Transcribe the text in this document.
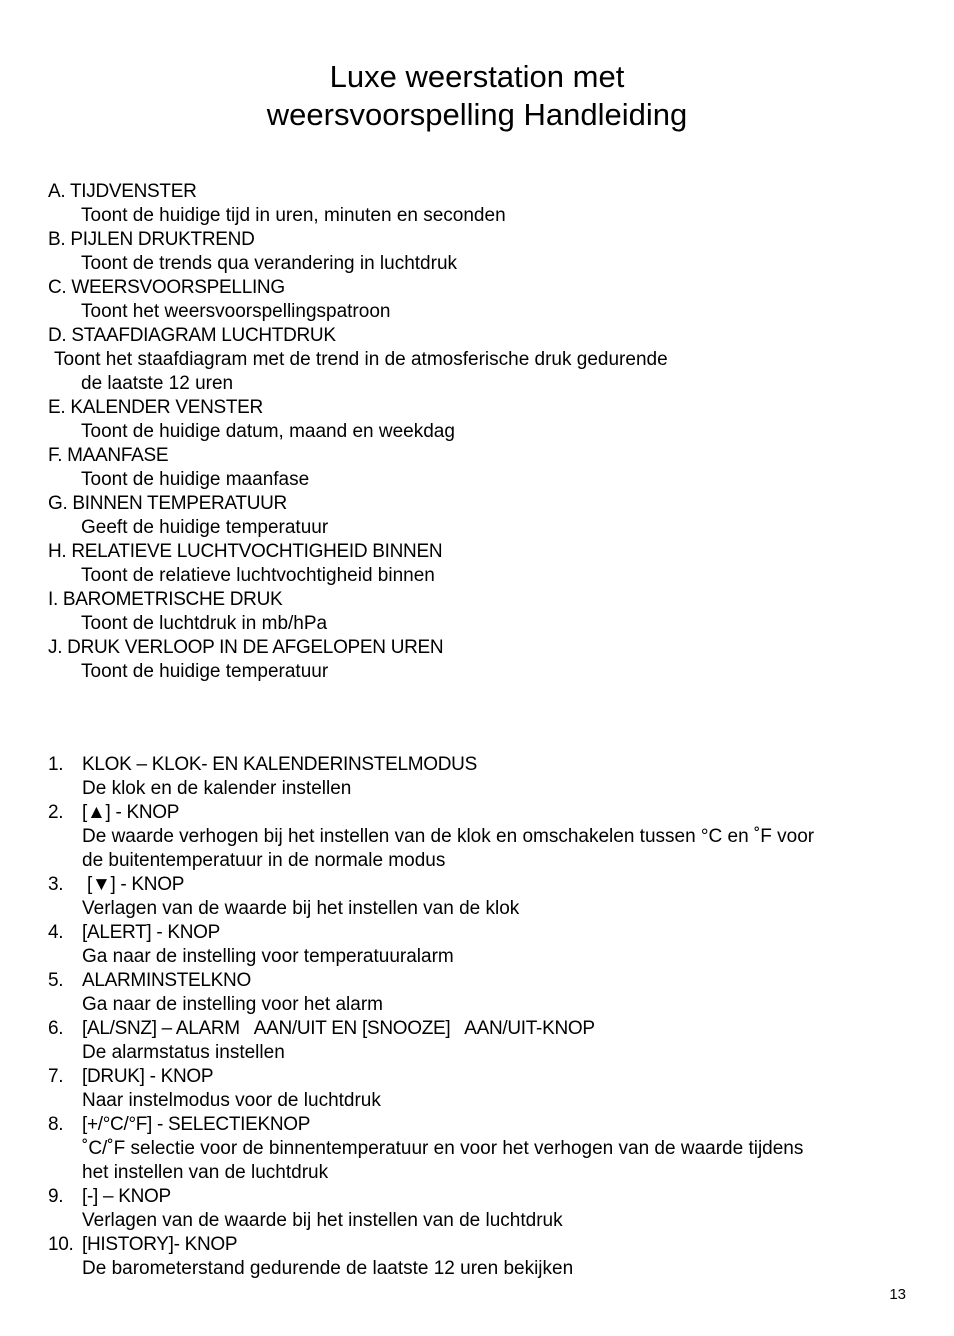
Luxe weerstation met
weersvoorspelling Handleiding
A. TIJDVENSTER
Toont de huidige tijd in uren, minuten en seconden
B. PIJLEN DRUKTREND
Toont de trends qua verandering in luchtdruk
C. WEERSVOORSPELLING
Toont het weersvoorspellingspatroon
D. STAAFDIAGRAM LUCHTDRUK
Toont het staafdiagram met de trend in de atmosferische druk gedurende
de laatste 12 uren
E. KALENDER VENSTER
Toont de huidige datum, maand en weekdag
F. MAANFASE
Toont de huidige maanfase
G. BINNEN TEMPERATUUR
Geeft de huidige temperatuur
H. RELATIEVE LUCHTVOCHTIGHEID BINNEN
Toont de relatieve luchtvochtigheid binnen
I. BAROMETRISCHE DRUK
Toont de luchtdruk in mb/hPa
J. DRUK VERLOOP IN DE AFGELOPEN UREN
Toont de huidige temperatuur
1. KLOK – KLOK- EN KALENDERINSTELMODUS
De klok en de kalender instellen
2. [▲] - KNOP
De waarde verhogen bij het instellen van de klok en omschakelen tussen °C en ˚F voor
de buitentemperatuur in de normale modus
3. [▼] - KNOP
Verlagen van de waarde bij het instellen van de klok
4. [ALERT] - KNOP
Ga naar de instelling voor temperatuuralarm
5. ALARMINSTELKNO
Ga naar de instelling voor het alarm
6. [AL/SNZ] – ALARM   AAN/UIT EN [SNOOZE]   AAN/UIT-KNOP
De alarmstatus instellen
7. [DRUK] - KNOP
Naar instelmodus voor de luchtdruk
8. [+/°C/°F] - SELECTIEKNOP
˚C/˚F selectie voor de binnentemperatuur en voor het verhogen van de waarde tijdens
het instellen van de luchtdruk
9. [-] – KNOP
Verlagen van de waarde bij het instellen van de luchtdruk
10. [HISTORY]- KNOP
De barometerstand gedurende de laatste 12 uren bekijken
13
